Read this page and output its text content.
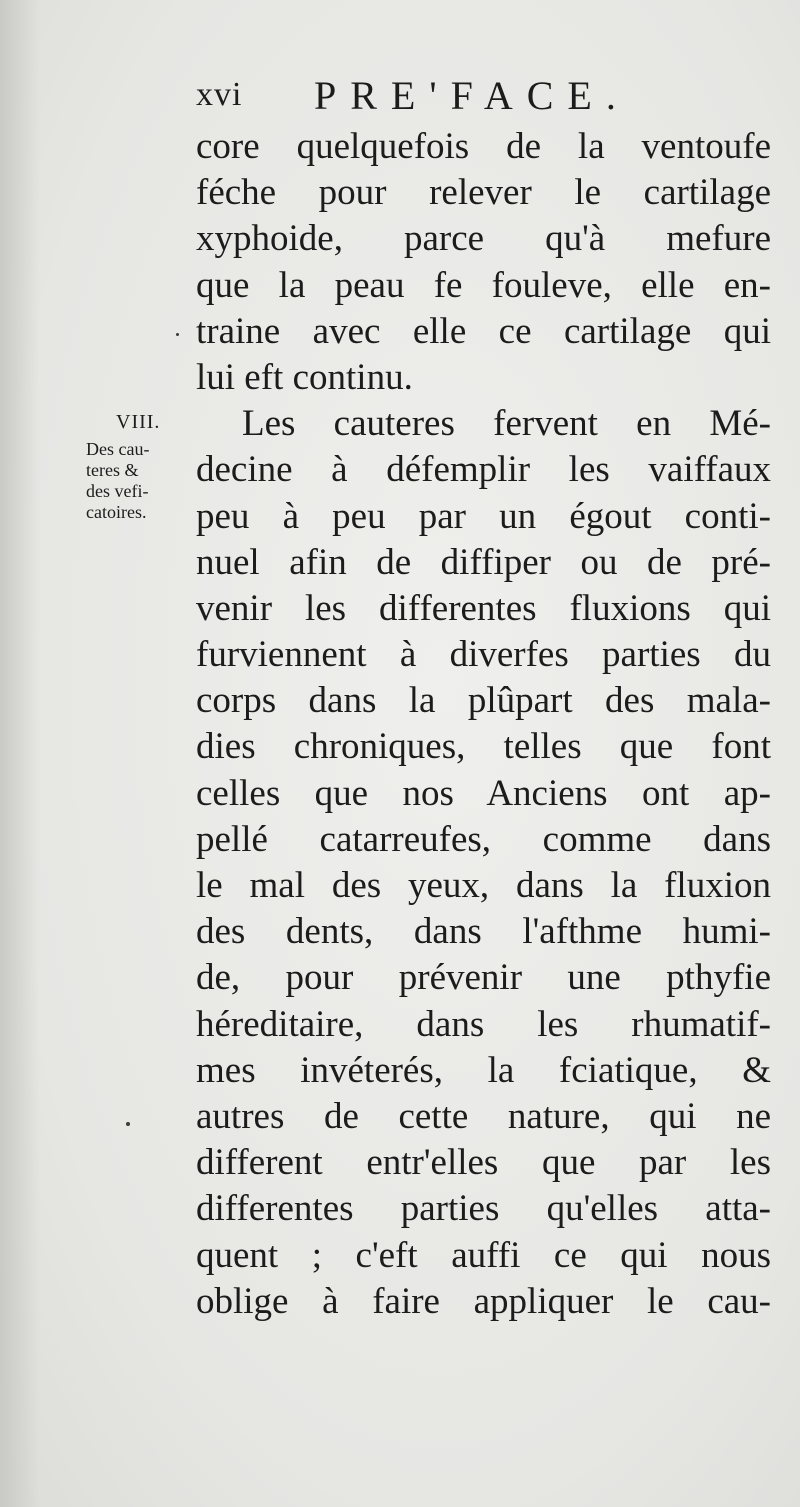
xvi PRE'FACE.
VIII.
Des cau-
teres &
des vefi-
catoires.
core quelquefois de la ventoufe
féche pour relever le cartilage
xyphoide, parce qu'à mefure
que la peau fe fouleve, elle en-
traine avec elle ce cartilage qui
lui eft continu.
Les cauteres fervent en Mé-
decine à défemplir les vaiffaux
peu à peu par un égout conti-
nuel afin de diffiper ou de pré-
venir les differentes fluxions qui
furviennent à diverfes parties du
corps dans la plûpart des mala-
dies chroniques, telles que font
celles que nos Anciens ont ap-
pellé catarreufes, comme dans
le mal des yeux, dans la fluxion
des dents, dans l'afthme humi-
de, pour prévenir une pthyfie
héreditaire, dans les rhumatif-
mes invéterés, la fciatique, &
autres de cette nature, qui ne
different entr'elles que par les
differentes parties qu'elles atta-
quent ; c'eft auffi ce qui nous
oblige à faire appliquer le cau-
